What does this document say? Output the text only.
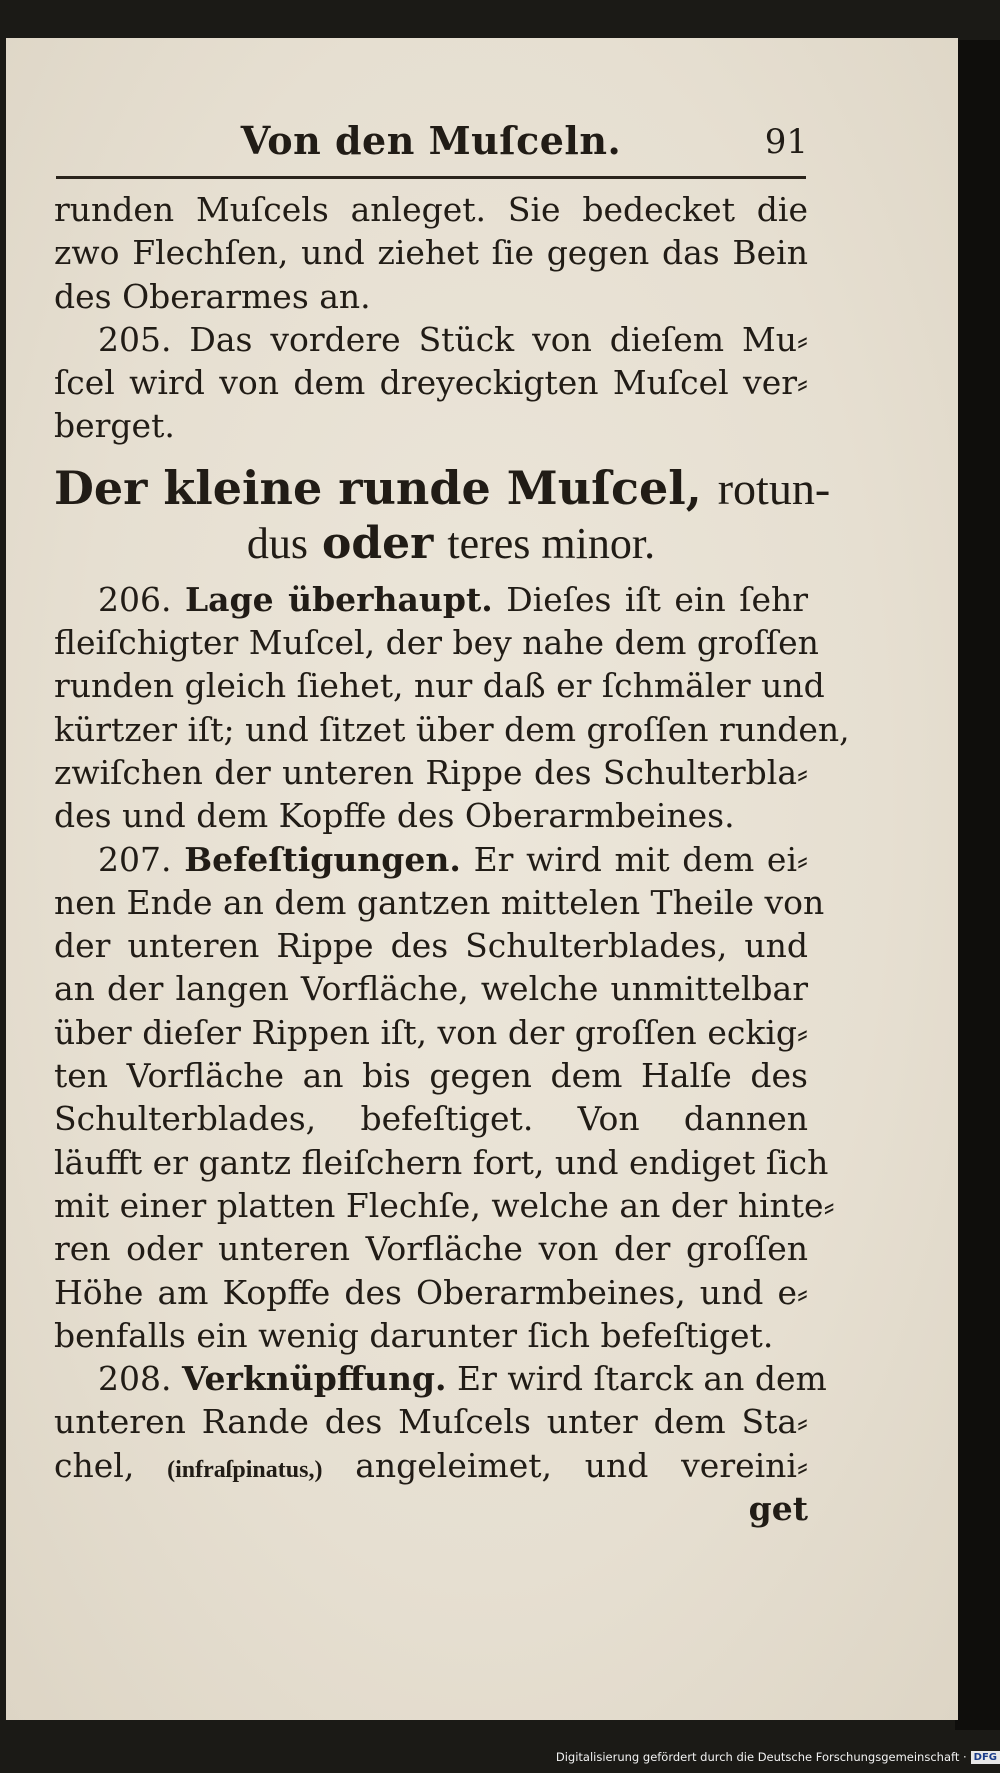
Von den Muſceln.	91
runden Muſcels anleget. Sie bedecket die
zwo Flechſen, und ziehet ſie gegen das Bein
des Oberarmes an.
205. Das vordere Stück von dieſem Mu⸗
ſcel wird von dem dreyeckigten Muſcel ver⸗
berget.
Der kleine runde Muſcel, rotun-
dus oder teres minor.
206. Lage überhaupt. Dieſes iſt ein ſehr
fleiſchigter Muſcel, der bey nahe dem groſſen
runden gleich ſiehet, nur daß er ſchmäler und
kürtzer iſt; und ſitzet über dem groſſen runden,
zwiſchen der unteren Rippe des Schulterbla⸗
des und dem Kopffe des Oberarmbeines.
207. Befeſtigungen. Er wird mit dem ei⸗
nen Ende an dem gantzen mittelen Theile von
der unteren Rippe des Schulterblades, und
an der langen Vorfläche, welche unmittelbar
über dieſer Rippen iſt, von der groſſen eckig⸗
ten Vorfläche an bis gegen dem Halſe des
Schulterblades, befeſtiget. Von dannen
läufft er gantz fleiſchern fort, und endiget ſich
mit einer platten Flechſe, welche an der hinte⸗
ren oder unteren Vorfläche von der groſſen
Höhe am Kopffe des Oberarmbeines, und e⸗
benfalls ein wenig darunter ſich befeſtiget.
208. Verknüpffung. Er wird ſtarck an dem
unteren Rande des Muſcels unter dem Sta⸗
chel, (infraſpinatus,) angeleimet, und vereini⸗
get
Digitalisierung gefördert durch die Deutsche Forschungsgemeinschaft · DFG
